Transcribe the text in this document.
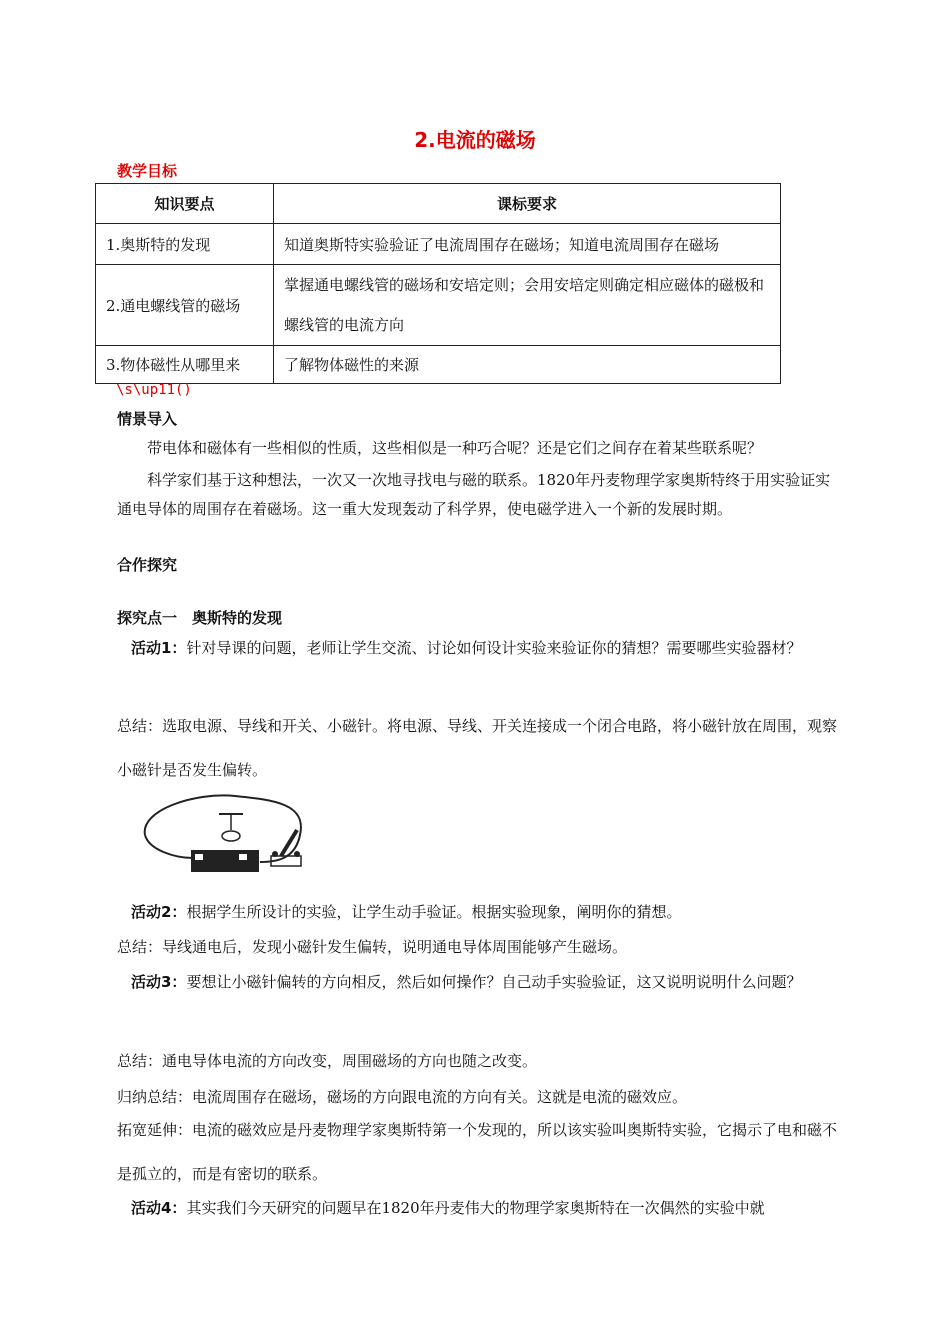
2.电流的磁场
教学目标
知识要点	课标要求
1.奥斯特的发现	知道奥斯特实验验证了电流周围存在磁场；知道电流周围存在磁场
2.通电螺线管的磁场	掌握通电螺线管的磁场和安培定则；会用安培定则确定相应磁体的磁极和螺线管的电流方向
3.物体磁性从哪里来	了解物体磁性的来源
\s\up11()
情景导入
带电体和磁体有一些相似的性质，这些相似是一种巧合呢？还是它们之间存在着某些联系呢？
科学家们基于这种想法，一次又一次地寻找电与磁的联系。1820年丹麦物理学家奥斯特终于用实验证实通电导体的周围存在着磁场。这一重大发现轰动了科学界，使电磁学进入一个新的发展时期。
合作探究
探究点一　奥斯特的发现
活动1：针对导课的问题，老师让学生交流、讨论如何设计实验来验证你的猜想？需要哪些实验器材？
总结：选取电源、导线和开关、小磁针。将电源、导线、开关连接成一个闭合电路，将小磁针放在周围，观察小磁针是否发生偏转。
活动2：根据学生所设计的实验，让学生动手验证。根据实验现象，阐明你的猜想。
总结：导线通电后，发现小磁针发生偏转，说明通电导体周围能够产生磁场。
活动3：要想让小磁针偏转的方向相反，然后如何操作？自己动手实验验证，这又说明说明什么问题？
总结：通电导体电流的方向改变，周围磁场的方向也随之改变。
归纳总结：电流周围存在磁场，磁场的方向跟电流的方向有关。这就是电流的磁效应。
拓宽延伸：电流的磁效应是丹麦物理学家奥斯特第一个发现的，所以该实验叫奥斯特实验，它揭示了电和磁不是孤立的，而是有密切的联系。
活动4：其实我们今天研究的问题早在1820年丹麦伟大的物理学家奥斯特在一次偶然的实验中就
